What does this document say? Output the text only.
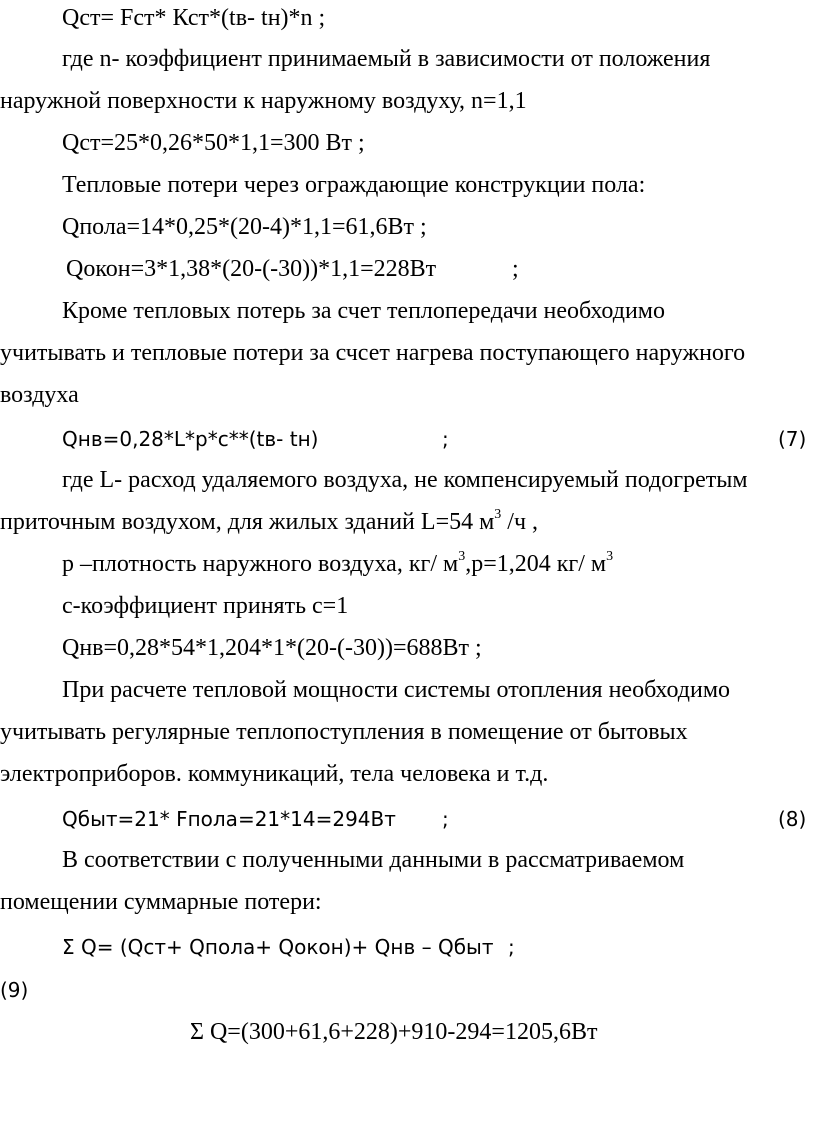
Qст= Fст* Кст*(tв- tн)*n ;
где n- коэффициент принимаемый в зависимости от положения
наружной поверхности к наружному воздуху, n=1,1
Qст=25*0,26*50*1,1=300 Вт ;
Тепловые потери через ограждающие конструкции пола:
Qпола=14*0,25*(20-4)*1,1=61,6Вт ;
Qокон=3*1,38*(20-(-30))*1,1=228Вт	;
Кроме тепловых потерь за счет теплопередачи необходимо
учитывать и тепловые потери за счсет нагрева поступающего наружного
воздуха
Qнв=0,28*L*р*с**(tв- tн)	;	(7)
где L- расход удаляемого воздуха, не компенсируемый подогретым
приточным воздухом, для жилых зданий L=54 $м^3$ /ч ,
р –плотность наружного воздуха, кг/ $м^3,р=1,204$ кг/ $м^3$
с-коэффициент принять с=1
Qнв=0,28*54*1,204*1*(20-(-30))=688Вт ;
При расчете тепловой мощности системы отопления необходимо
учитывать регулярные теплопоступления в помещение от бытовых
электроприборов. коммуникаций, тела человека и т.д.
Qбыт=21* Fпола=21*14=294Вт ;	(8)
В соответствии с полученными данными в рассматриваемом
помещении суммарные потери:
Σ Q= (Qст+ Qпола+ Qокон)+ Qнв – Qбыт ;
(9)
Σ Q=(300+61,6+228)+910-294=1205,6Вт
